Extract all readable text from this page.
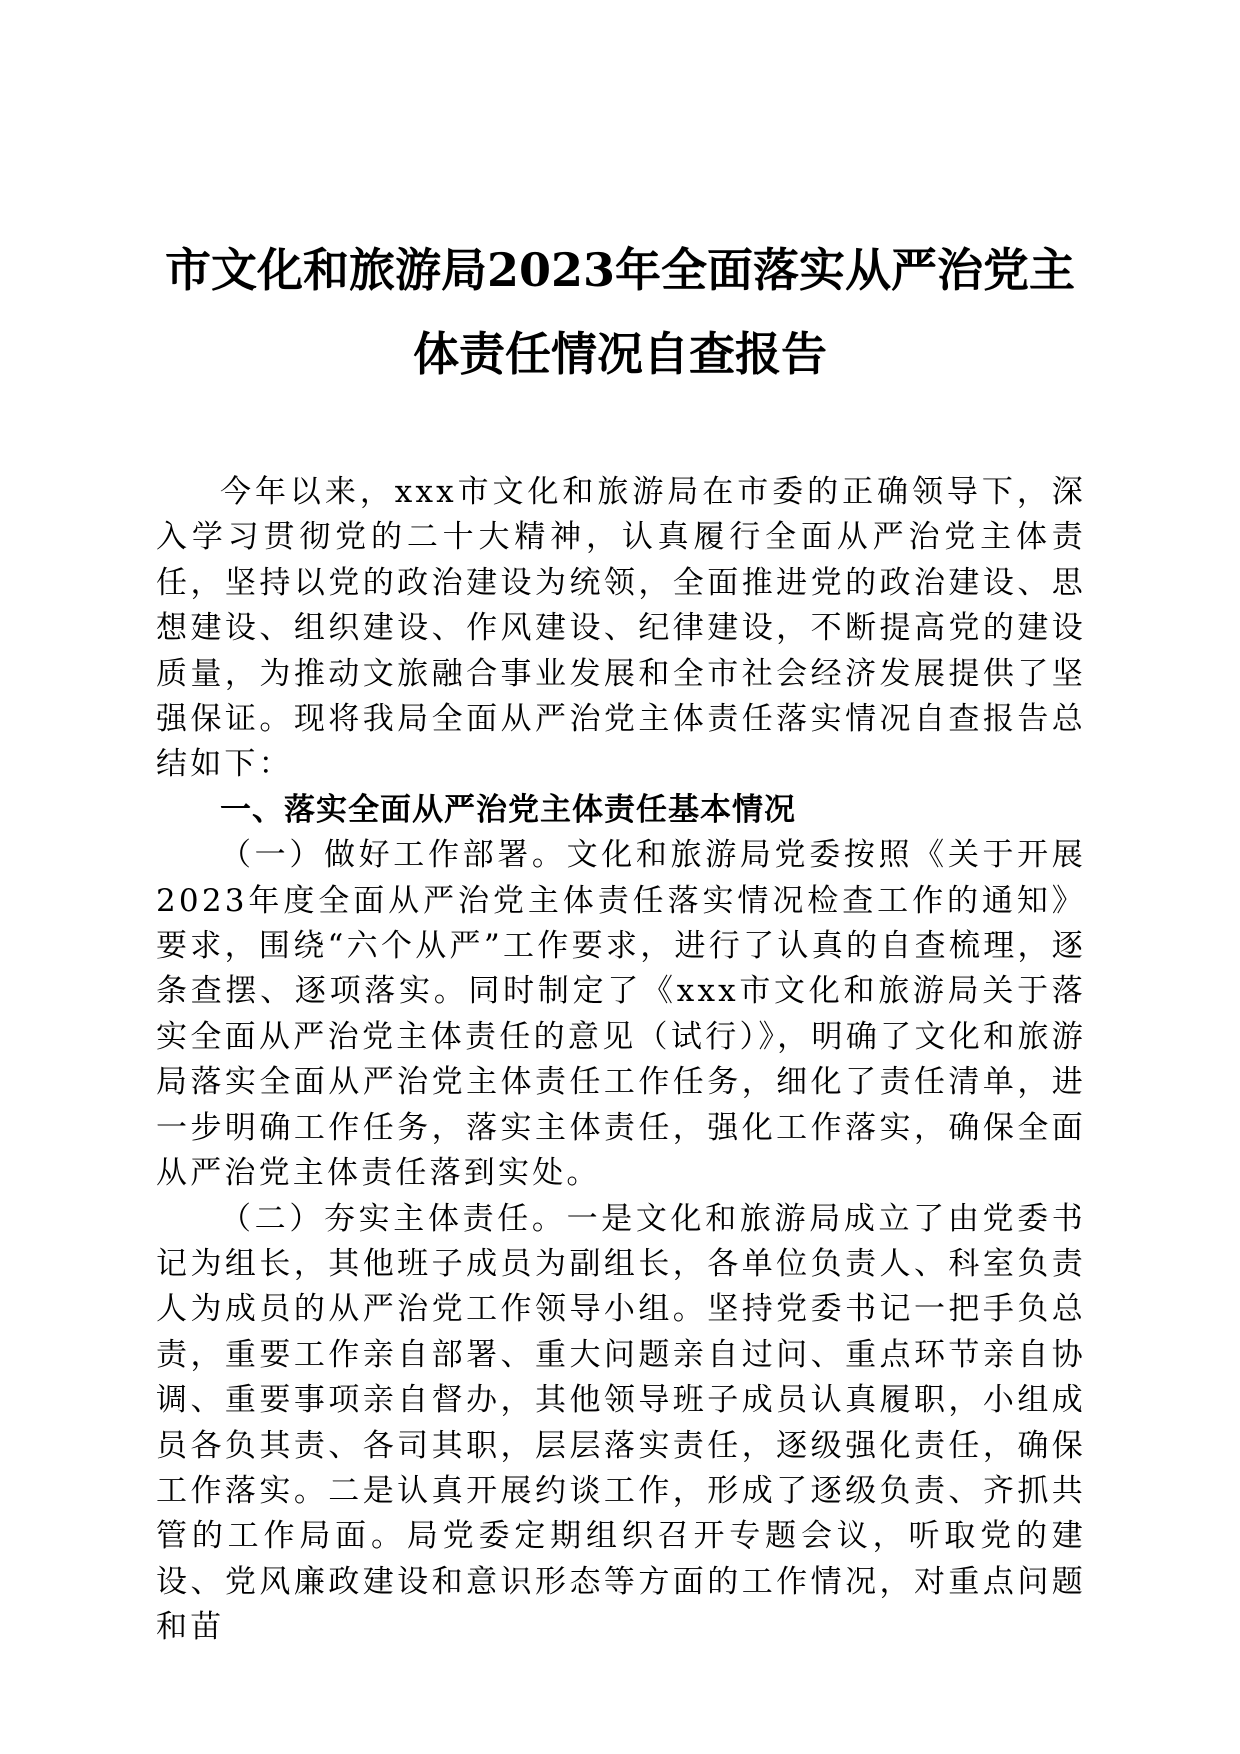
市文化和旅游局2023年全面落实从严治党主
体责任情况自查报告

今年以来，xxx市文化和旅游局在市委的正确领导下，深入学习贯彻党的二十大精神，认真履行全面从严治党主体责任，坚持以党的政治建设为统领，全面推进党的政治建设、思想建设、组织建设、作风建设、纪律建设，不断提高党的建设质量，为推动文旅融合事业发展和全市社会经济发展提供了坚强保证。现将我局全面从严治党主体责任落实情况自查报告总结如下：

一、落实全面从严治党主体责任基本情况

（一）做好工作部署。文化和旅游局党委按照《关于开展2023年度全面从严治党主体责任落实情况检查工作的通知》要求，围绕“六个从严”工作要求，进行了认真的自查梳理，逐条查摆、逐项落实。同时制定了《xxx市文化和旅游局关于落实全面从严治党主体责任的意见（试行）》，明确了文化和旅游局落实全面从严治党主体责任工作任务，细化了责任清单，进一步明确工作任务，落实主体责任，强化工作落实，确保全面从严治党主体责任落到实处。

（二）夯实主体责任。一是文化和旅游局成立了由党委书记为组长，其他班子成员为副组长，各单位负责人、科室负责人为成员的从严治党工作领导小组。坚持党委书记一把手负总责，重要工作亲自部署、重大问题亲自过问、重点环节亲自协调、重要事项亲自督办，其他领导班子成员认真履职，小组成员各负其责、各司其职，层层落实责任，逐级强化责任，确保工作落实。二是认真开展约谈工作，形成了逐级负责、齐抓共管的工作局面。局党委定期组织召开专题会议，听取党的建设、党风廉政建设和意识形态等方面的工作情况，对重点问题和苗
